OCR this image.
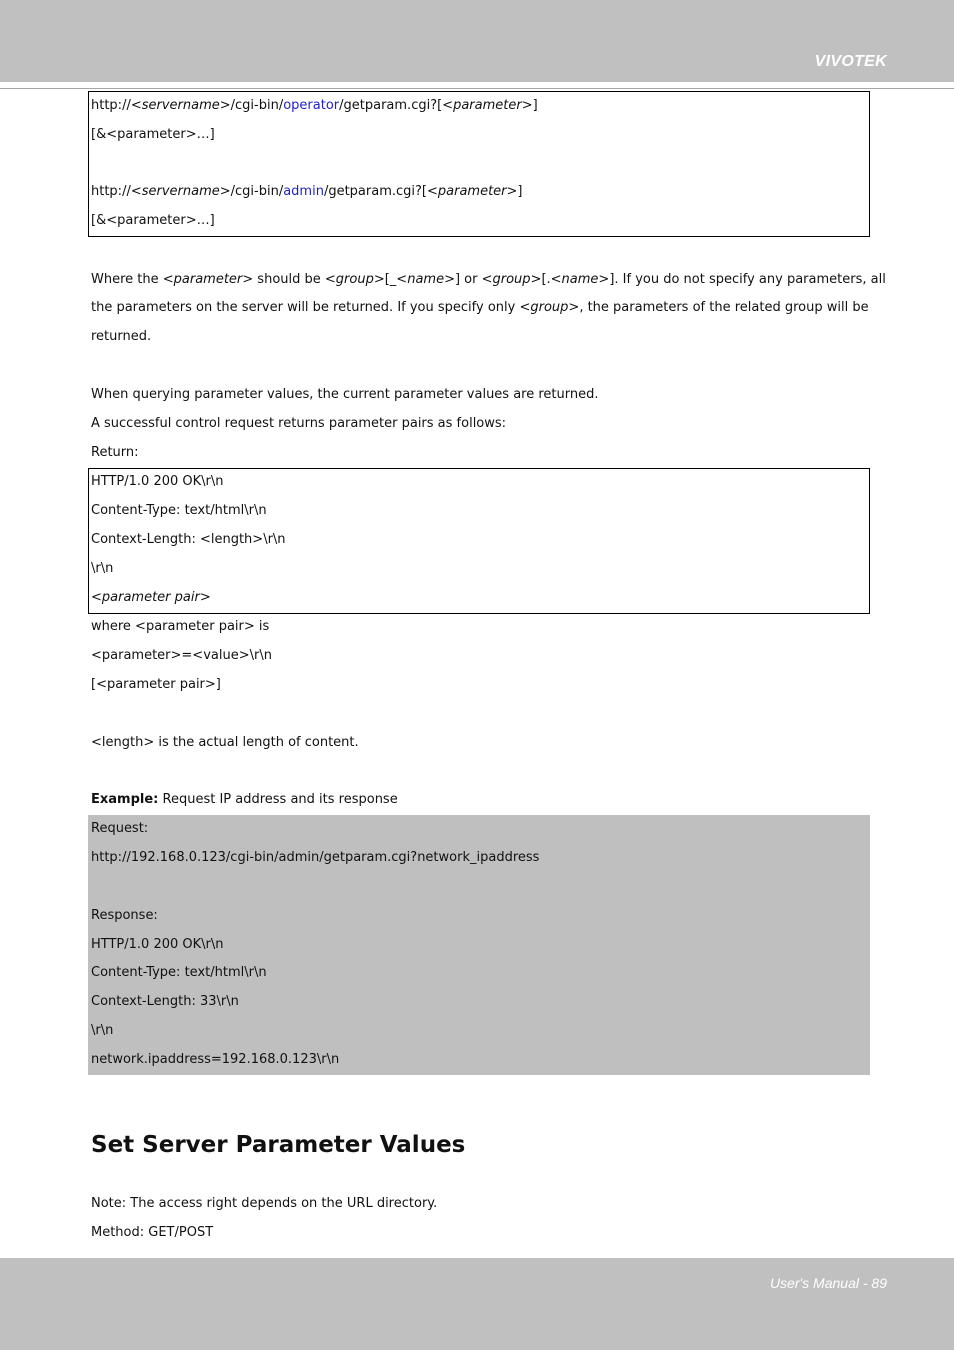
VIVOTEK
http://<servername>/cgi-bin/operator/getparam.cgi?[<parameter>]
[&<parameter>…]
http://<servername>/cgi-bin/admin/getparam.cgi?[<parameter>]
[&<parameter>…]
Where the <parameter> should be <group>[_<name>] or <group>[.<name>]. If you do not specify any parameters, all
the parameters on the server will be returned. If you specify only <group>, the parameters of the related group will be
returned.
When querying parameter values, the current parameter values are returned.
A successful control request returns parameter pairs as follows:
Return:
HTTP/1.0 200 OK\r\n
Content-Type: text/html\r\n
Context-Length: <length>\r\n
\r\n
<parameter pair>
where <parameter pair> is
<parameter>=<value>\r\n
[<parameter pair>]
<length> is the actual length of content.
Example: Request IP address and its response
Request:
http://192.168.0.123/cgi-bin/admin/getparam.cgi?network_ipaddress
Response:
HTTP/1.0 200 OK\r\n
Content-Type: text/html\r\n
Context-Length: 33\r\n
\r\n
network.ipaddress=192.168.0.123\r\n
Set Server Parameter Values
Note: The access right depends on the URL directory.
Method: GET/POST
User's Manual - 89
